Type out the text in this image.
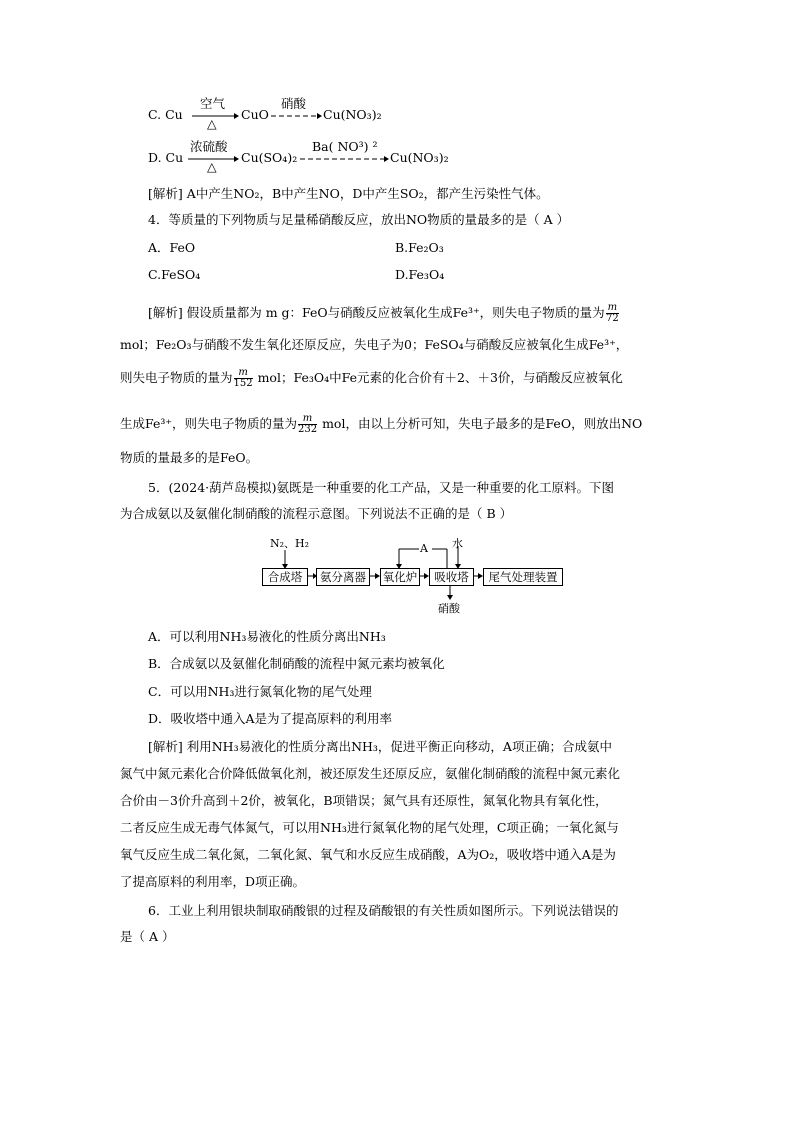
C. Cu
空气
△
CuO
硝酸
Cu(NO₃)₂
D. Cu
浓硫酸
△
Cu(SO₄)₂
Ba( NO³) ²
Cu(NO₃)₂
[解析] A中产生NO₂，B中产生NO，D中产生SO₂，都产生污染性气体。
4．等质量的下列物质与足量稀硝酸反应，放出NO物质的量最多的是（ A ）
A．FeO	B.Fe₂O₃
C.FeSO₄	D.Fe₃O₄
[解析] 假设质量都为 m g：FeO与硝酸反应被氧化生成Fe³⁺，则失电子物质的量为 $\frac{m}{72}$
mol；Fe₂O₃与硝酸不发生氧化还原反应，失电子为0；FeSO₄与硝酸反应被氧化生成Fe³⁺，
则失电子物质的量为 $\frac{m}{152}$ mol；Fe₃O₄中Fe元素的化合价有＋2、＋3价，与硝酸反应被氧化
生成Fe³⁺，则失电子物质的量为 $\frac{m}{232}$ mol，由以上分析可知，失电子最多的是FeO，则放出NO
物质的量最多的是FeO。
5．(2024·葫芦岛模拟)氨既是一种重要的化工产品，又是一种重要的化工原料。下图
为合成氨以及氨催化制硝酸的流程示意图。下列说法不正确的是（ B ）
N₂、H₂	A 水
合成塔	氨分离器	氧化炉	吸收塔	尾气处理装置
硝酸
A．可以利用NH₃易液化的性质分离出NH₃
B．合成氨以及氨催化制硝酸的流程中氮元素均被氧化
C．可以用NH₃进行氮氧化物的尾气处理
D．吸收塔中通入A是为了提高原料的利用率
[解析] 利用NH₃易液化的性质分离出NH₃，促进平衡正向移动，A项正确；合成氨中
氮气中氮元素化合价降低做氧化剂，被还原发生还原反应，氨催化制硝酸的流程中氮元素化
合价由－3价升高到＋2价，被氧化，B项错误；氮气具有还原性，氮氧化物具有氧化性，
二者反应生成无毒气体氮气，可以用NH₃进行氮氧化物的尾气处理，C项正确；一氧化氮与
氧气反应生成二氧化氮，二氧化氮、氧气和水反应生成硝酸，A为O₂，吸收塔中通入A是为
了提高原料的利用率，D项正确。
6．工业上利用银块制取硝酸银的过程及硝酸银的有关性质如图所示。下列说法错误的
是（ A ）
